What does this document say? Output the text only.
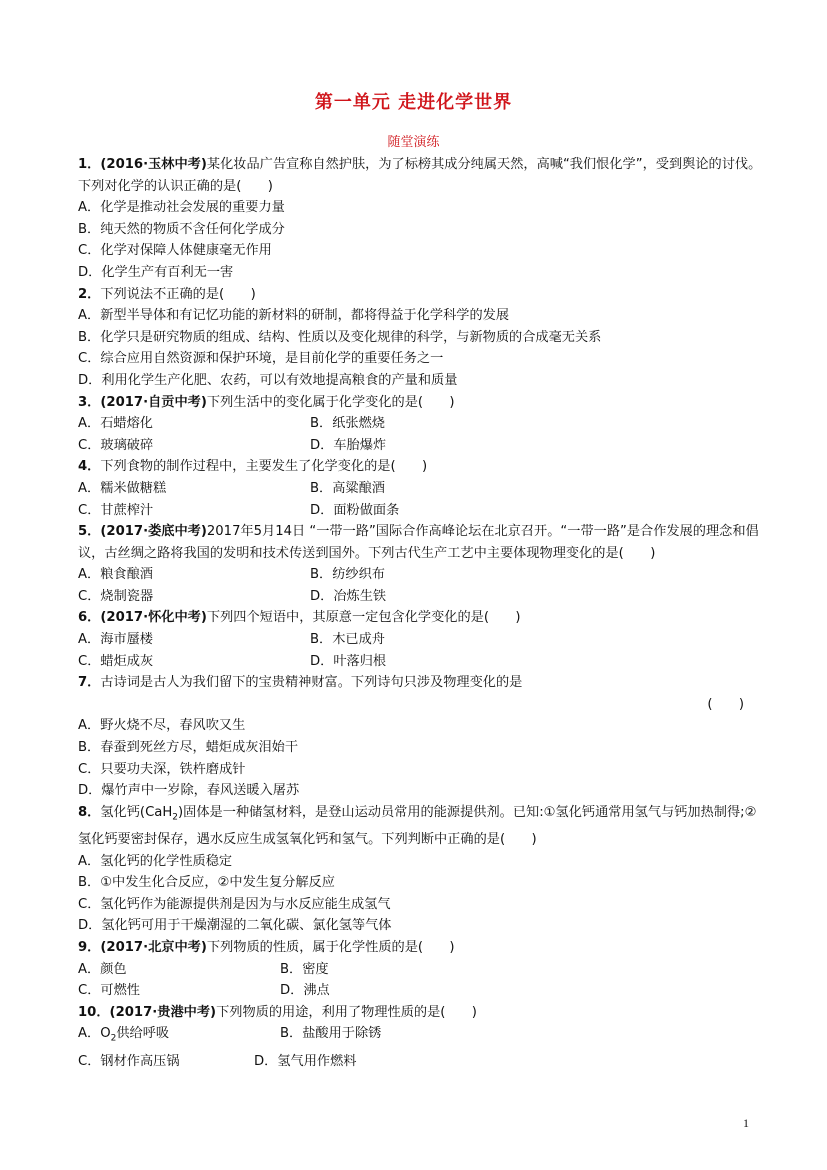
第一单元 走进化学世界
随堂演练
1．(2016·玉林中考)某化妆品广告宣称自然护肤，为了标榜其成分纯属天然，高喊“我们恨化学”，受到舆论的讨伐。下列对化学的认识正确的是(　　)
A．化学是推动社会发展的重要力量
B．纯天然的物质不含任何化学成分
C．化学对保障人体健康毫无作用
D．化学生产有百利无一害
2．下列说法不正确的是(　　)
A．新型半导体和有记忆功能的新材料的研制，都将得益于化学科学的发展
B．化学只是研究物质的组成、结构、性质以及变化规律的科学，与新物质的合成毫无关系
C．综合应用自然资源和保护环境，是目前化学的重要任务之一
D．利用化学生产化肥、农药，可以有效地提高粮食的产量和质量
3．(2017·自贡中考)下列生活中的变化属于化学变化的是(　　)
A．石蜡熔化	B．纸张燃烧
C．玻璃破碎	D．车胎爆炸
4．下列食物的制作过程中，主要发生了化学变化的是(　　)
A．糯米做糖糕	B．高粱酿酒
C．甘蔗榨汁	D．面粉做面条
5．(2017·娄底中考)2017年5月14日 “一带一路”国际合作高峰论坛在北京召开。“一带一路”是合作发展的理念和倡议，古丝绸之路将我国的发明和技术传送到国外。下列古代生产工艺中主要体现物理变化的是(　　)
A．粮食酿酒	B．纺纱织布
C．烧制瓷器	D．冶炼生铁
6．(2017·怀化中考)下列四个短语中，其原意一定包含化学变化的是(　　)
A．海市蜃楼	B．木已成舟
C．蜡炬成灰	D．叶落归根
7．古诗词是古人为我们留下的宝贵精神财富。下列诗句只涉及物理变化的是
(　　)
A．野火烧不尽，春风吹又生
B．春蚕到死丝方尽，蜡炬成灰泪始干
C．只要功夫深，铁杵磨成针
D．爆竹声中一岁除，春风送暖入屠苏
8．氢化钙(CaH$_2$)固体是一种储氢材料，是登山运动员常用的能源提供剂。已知:①氢化钙通常用氢气与钙加热制得;②氢化钙要密封保存，遇水反应生成氢氧化钙和氢气。下列判断中正确的是(　　)
A．氢化钙的化学性质稳定
B．①中发生化合反应，②中发生复分解反应
C．氢化钙作为能源提供剂是因为与水反应能生成氢气
D．氢化钙可用于干燥潮湿的二氧化碳、氯化氢等气体
9．(2017·北京中考)下列物质的性质，属于化学性质的是(　　)
A．颜色	B．密度
C．可燃性	D．沸点
10．(2017·贵港中考)下列物质的用途，利用了物理性质的是(　　)
A．$O_2$供给呼吸	B．盐酸用于除锈
C．钢材作高压锅	D．氢气用作燃料
1
